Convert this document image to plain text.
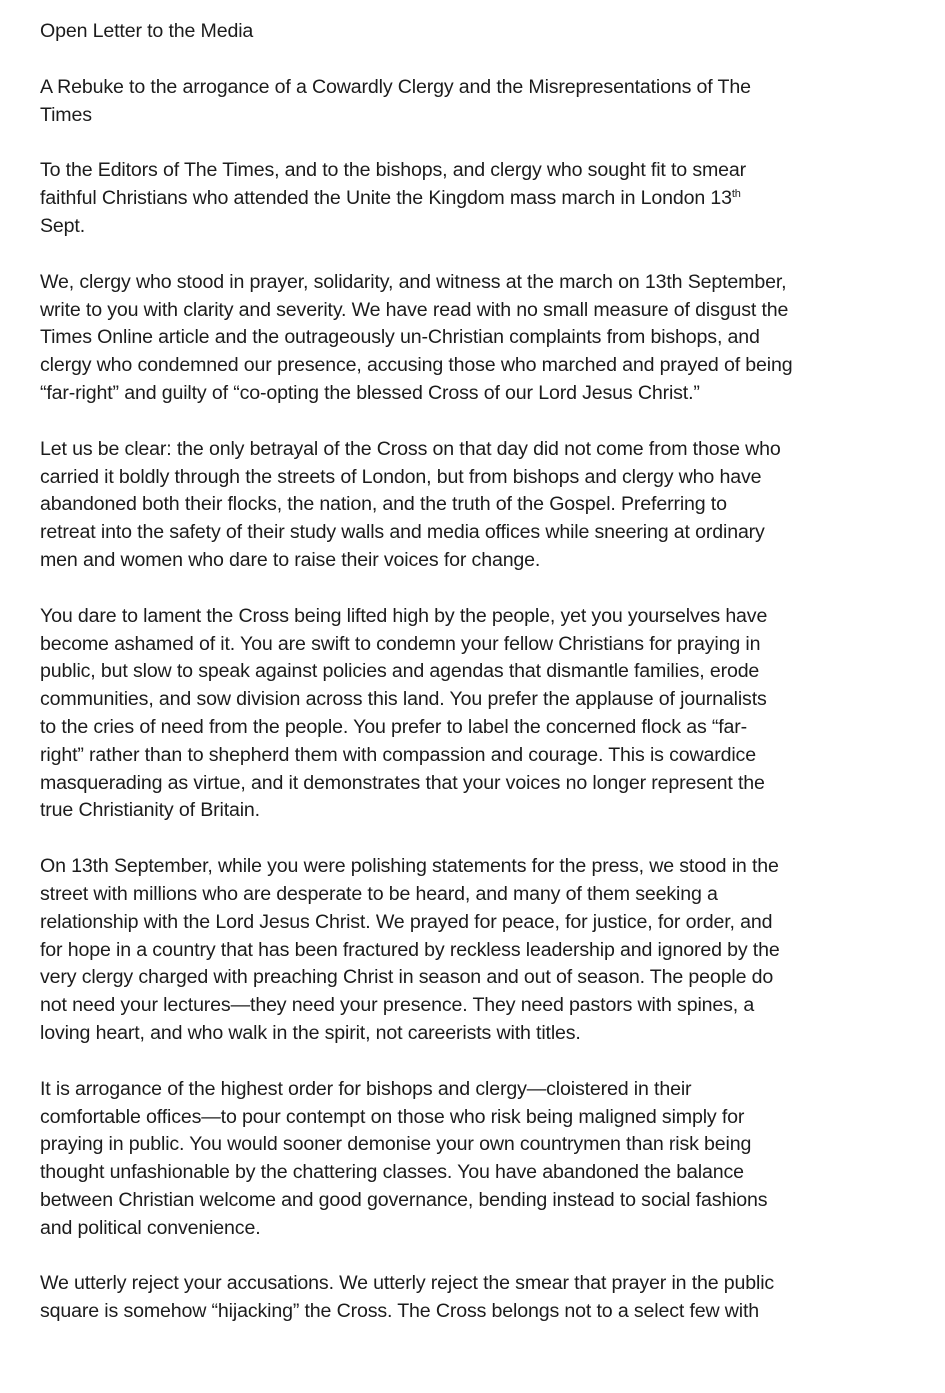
Open Letter to the Media

A Rebuke to the arrogance of a Cowardly Clergy and the Misrepresentations of The
Times

To the Editors of The Times, and to the bishops, and clergy who sought fit to smear
faithful Christians who attended the Unite the Kingdom mass march in London 13th
Sept.

We, clergy who stood in prayer, solidarity, and witness at the march on 13th September,
write to you with clarity and severity. We have read with no small measure of disgust the
Times Online article and the outrageously un-Christian complaints from bishops, and
clergy who condemned our presence, accusing those who marched and prayed of being
“far-right” and guilty of “co-opting the blessed Cross of our Lord Jesus Christ.”

Let us be clear: the only betrayal of the Cross on that day did not come from those who
carried it boldly through the streets of London, but from bishops and clergy who have
abandoned both their flocks, the nation, and the truth of the Gospel. Preferring to
retreat into the safety of their study walls and media offices while sneering at ordinary
men and women who dare to raise their voices for change.

You dare to lament the Cross being lifted high by the people, yet you yourselves have
become ashamed of it. You are swift to condemn your fellow Christians for praying in
public, but slow to speak against policies and agendas that dismantle families, erode
communities, and sow division across this land. You prefer the applause of journalists
to the cries of need from the people. You prefer to label the concerned flock as “far-
right” rather than to shepherd them with compassion and courage. This is cowardice
masquerading as virtue, and it demonstrates that your voices no longer represent the
true Christianity of Britain.

On 13th September, while you were polishing statements for the press, we stood in the
street with millions who are desperate to be heard, and many of them seeking a
relationship with the Lord Jesus Christ. We prayed for peace, for justice, for order, and
for hope in a country that has been fractured by reckless leadership and ignored by the
very clergy charged with preaching Christ in season and out of season. The people do
not need your lectures—they need your presence. They need pastors with spines, a
loving heart, and who walk in the spirit, not careerists with titles.

It is arrogance of the highest order for bishops and clergy—cloistered in their
comfortable offices—to pour contempt on those who risk being maligned simply for
praying in public. You would sooner demonise your own countrymen than risk being
thought unfashionable by the chattering classes. You have abandoned the balance
between Christian welcome and good governance, bending instead to social fashions
and political convenience.

We utterly reject your accusations. We utterly reject the smear that prayer in the public
square is somehow “hijacking” the Cross. The Cross belongs not to a select few with
